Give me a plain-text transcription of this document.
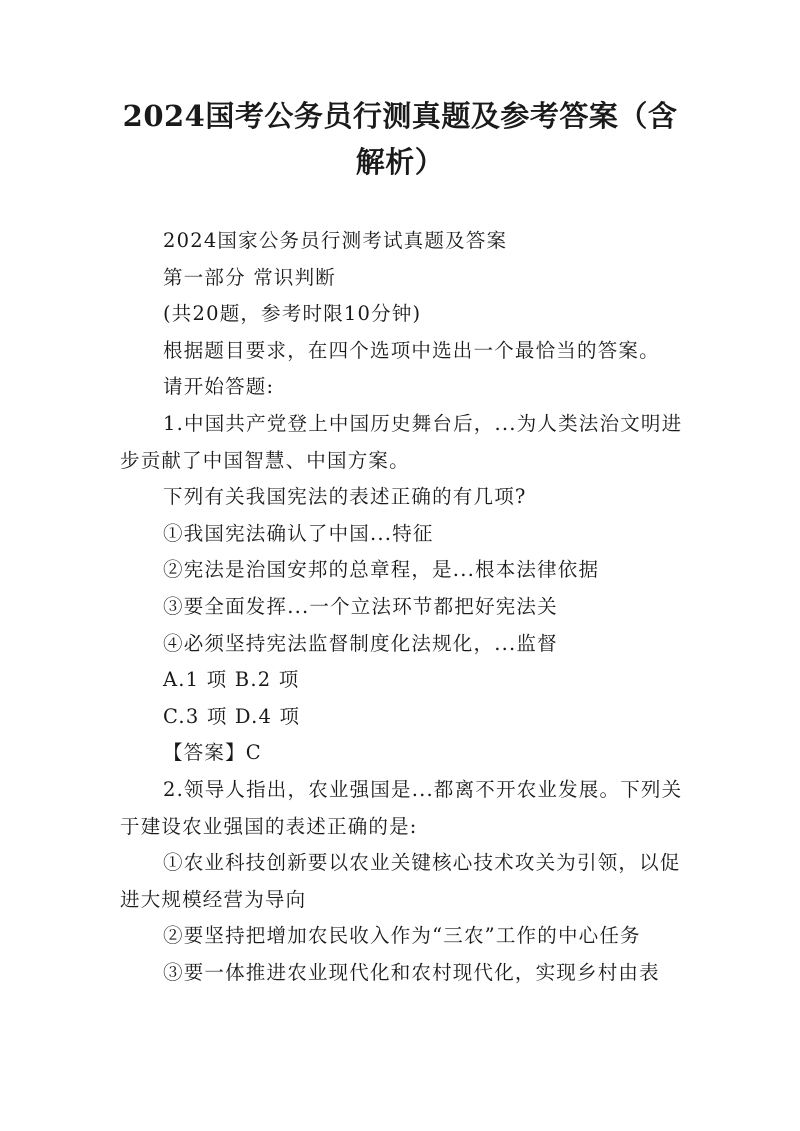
2024国考公务员行测真题及参考答案（含解析）

2024国家公务员行测考试真题及答案

第一部分 常识判断

(共20题，参考时限10分钟)

根据题目要求，在四个选项中选出一个最恰当的答案。

请开始答题:

1.中国共产党登上中国历史舞台后，...为人类法治文明进步贡献了中国智慧、中国方案。

下列有关我国宪法的表述正确的有几项?

①我国宪法确认了中国...特征

②宪法是治国安邦的总章程，是...根本法律依据

③要全面发挥...一个立法环节都把好宪法关

④必须坚持宪法监督制度化法规化，...监督

A.1 项 B.2 项

C.3 项 D.4 项

【答案】C

2.领导人指出，农业强国是...都离不开农业发展。下列关于建设农业强国的表述正确的是:

①农业科技创新要以农业关键核心技术攻关为引领，以促进大规模经营为导向

②要坚持把增加农民收入作为“三农”工作的中心任务

③要一体推进农业现代化和农村现代化，实现乡村由表
